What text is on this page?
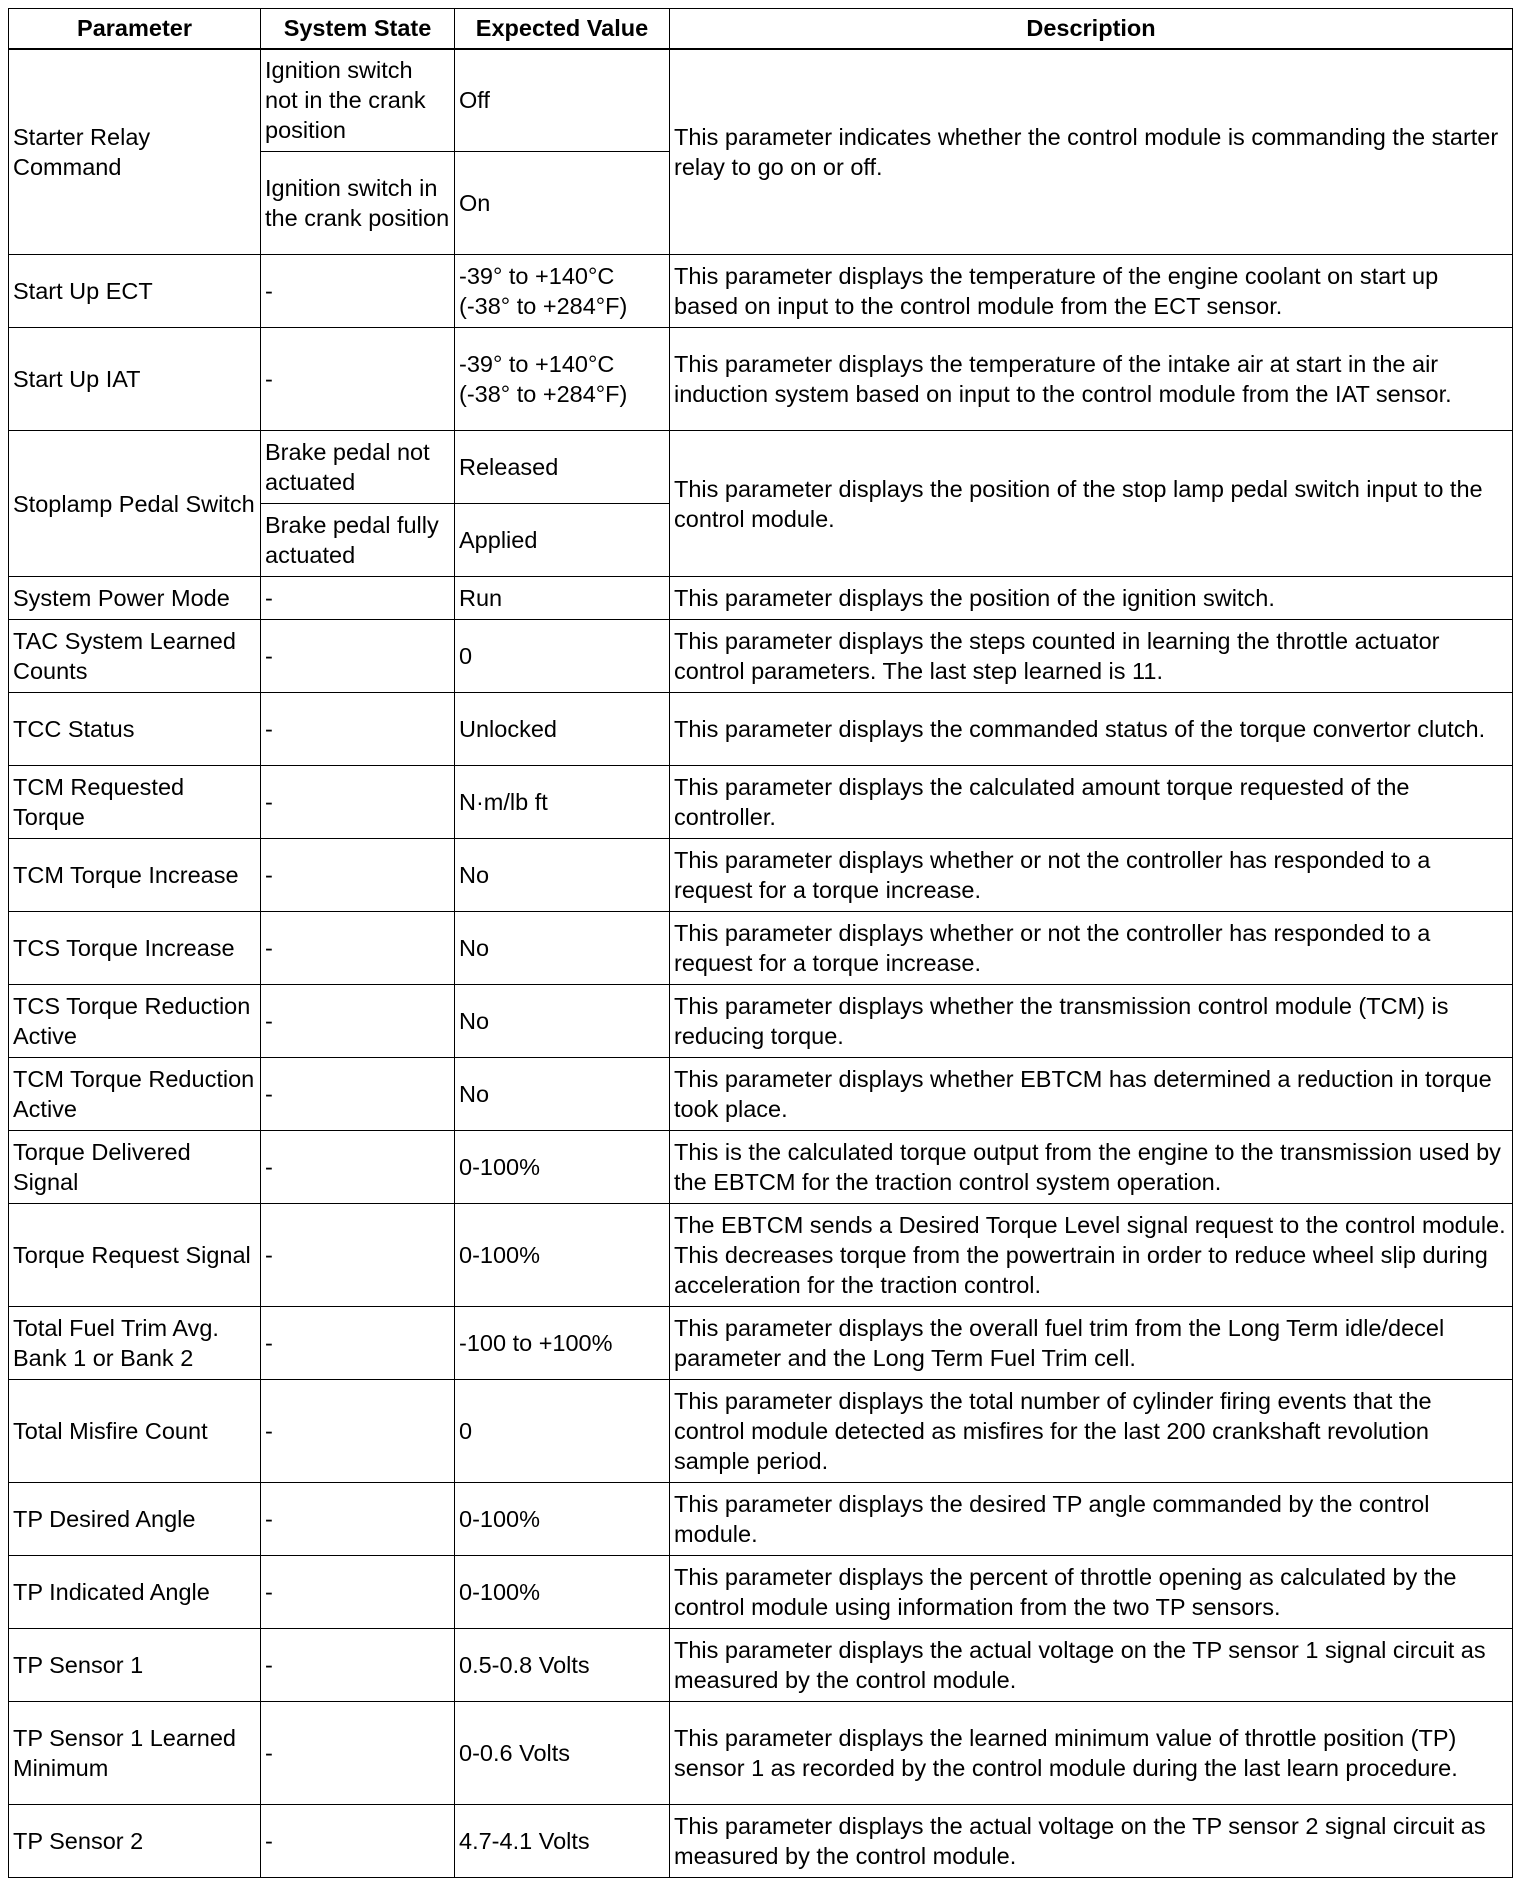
Parameter	System State	Expected Value	Description
Starter Relay Command	Ignition switch not in the crank position	Off	This parameter indicates whether the control module is commanding the starter relay to go on or off.
	Ignition switch in the crank position	On	
Start Up ECT	-	-39° to +140°C (-38° to +284°F)	This parameter displays the temperature of the engine coolant on start up based on input to the control module from the ECT sensor.
Start Up IAT	-	-39° to +140°C (-38° to +284°F)	This parameter displays the temperature of the intake air at start in the air induction system based on input to the control module from the IAT sensor.
Stoplamp Pedal Switch	Brake pedal not actuated	Released	This parameter displays the position of the stop lamp pedal switch input to the control module.
	Brake pedal fully actuated	Applied	
System Power Mode	-	Run	This parameter displays the position of the ignition switch.
TAC System Learned Counts	-	0	This parameter displays the steps counted in learning the throttle actuator control parameters. The last step learned is 11.
TCC Status	-	Unlocked	This parameter displays the commanded status of the torque convertor clutch.
TCM Requested Torque	-	N·m/lb ft	This parameter displays the calculated amount torque requested of the controller.
TCM Torque Increase	-	No	This parameter displays whether or not the controller has responded to a request for a torque increase.
TCS Torque Increase	-	No	This parameter displays whether or not the controller has responded to a request for a torque increase.
TCS Torque Reduction Active	-	No	This parameter displays whether the transmission control module (TCM) is reducing torque.
TCM Torque Reduction Active	-	No	This parameter displays whether EBTCM has determined a reduction in torque took place.
Torque Delivered Signal	-	0-100%	This is the calculated torque output from the engine to the transmission used by the EBTCM for the traction control system operation.
Torque Request Signal	-	0-100%	The EBTCM sends a Desired Torque Level signal request to the control module. This decreases torque from the powertrain in order to reduce wheel slip during acceleration for the traction control.
Total Fuel Trim Avg. Bank 1 or Bank 2	-	-100 to +100%	This parameter displays the overall fuel trim from the Long Term idle/decel parameter and the Long Term Fuel Trim cell.
Total Misfire Count	-	0	This parameter displays the total number of cylinder firing events that the control module detected as misfires for the last 200 crankshaft revolution sample period.
TP Desired Angle	-	0-100%	This parameter displays the desired TP angle commanded by the control module.
TP Indicated Angle	-	0-100%	This parameter displays the percent of throttle opening as calculated by the control module using information from the two TP sensors.
TP Sensor 1	-	0.5-0.8 Volts	This parameter displays the actual voltage on the TP sensor 1 signal circuit as measured by the control module.
TP Sensor 1 Learned Minimum	-	0-0.6 Volts	This parameter displays the learned minimum value of throttle position (TP) sensor 1 as recorded by the control module during the last learn procedure.
TP Sensor 2	-	4.7-4.1 Volts	This parameter displays the actual voltage on the TP sensor 2 signal circuit as measured by the control module.
